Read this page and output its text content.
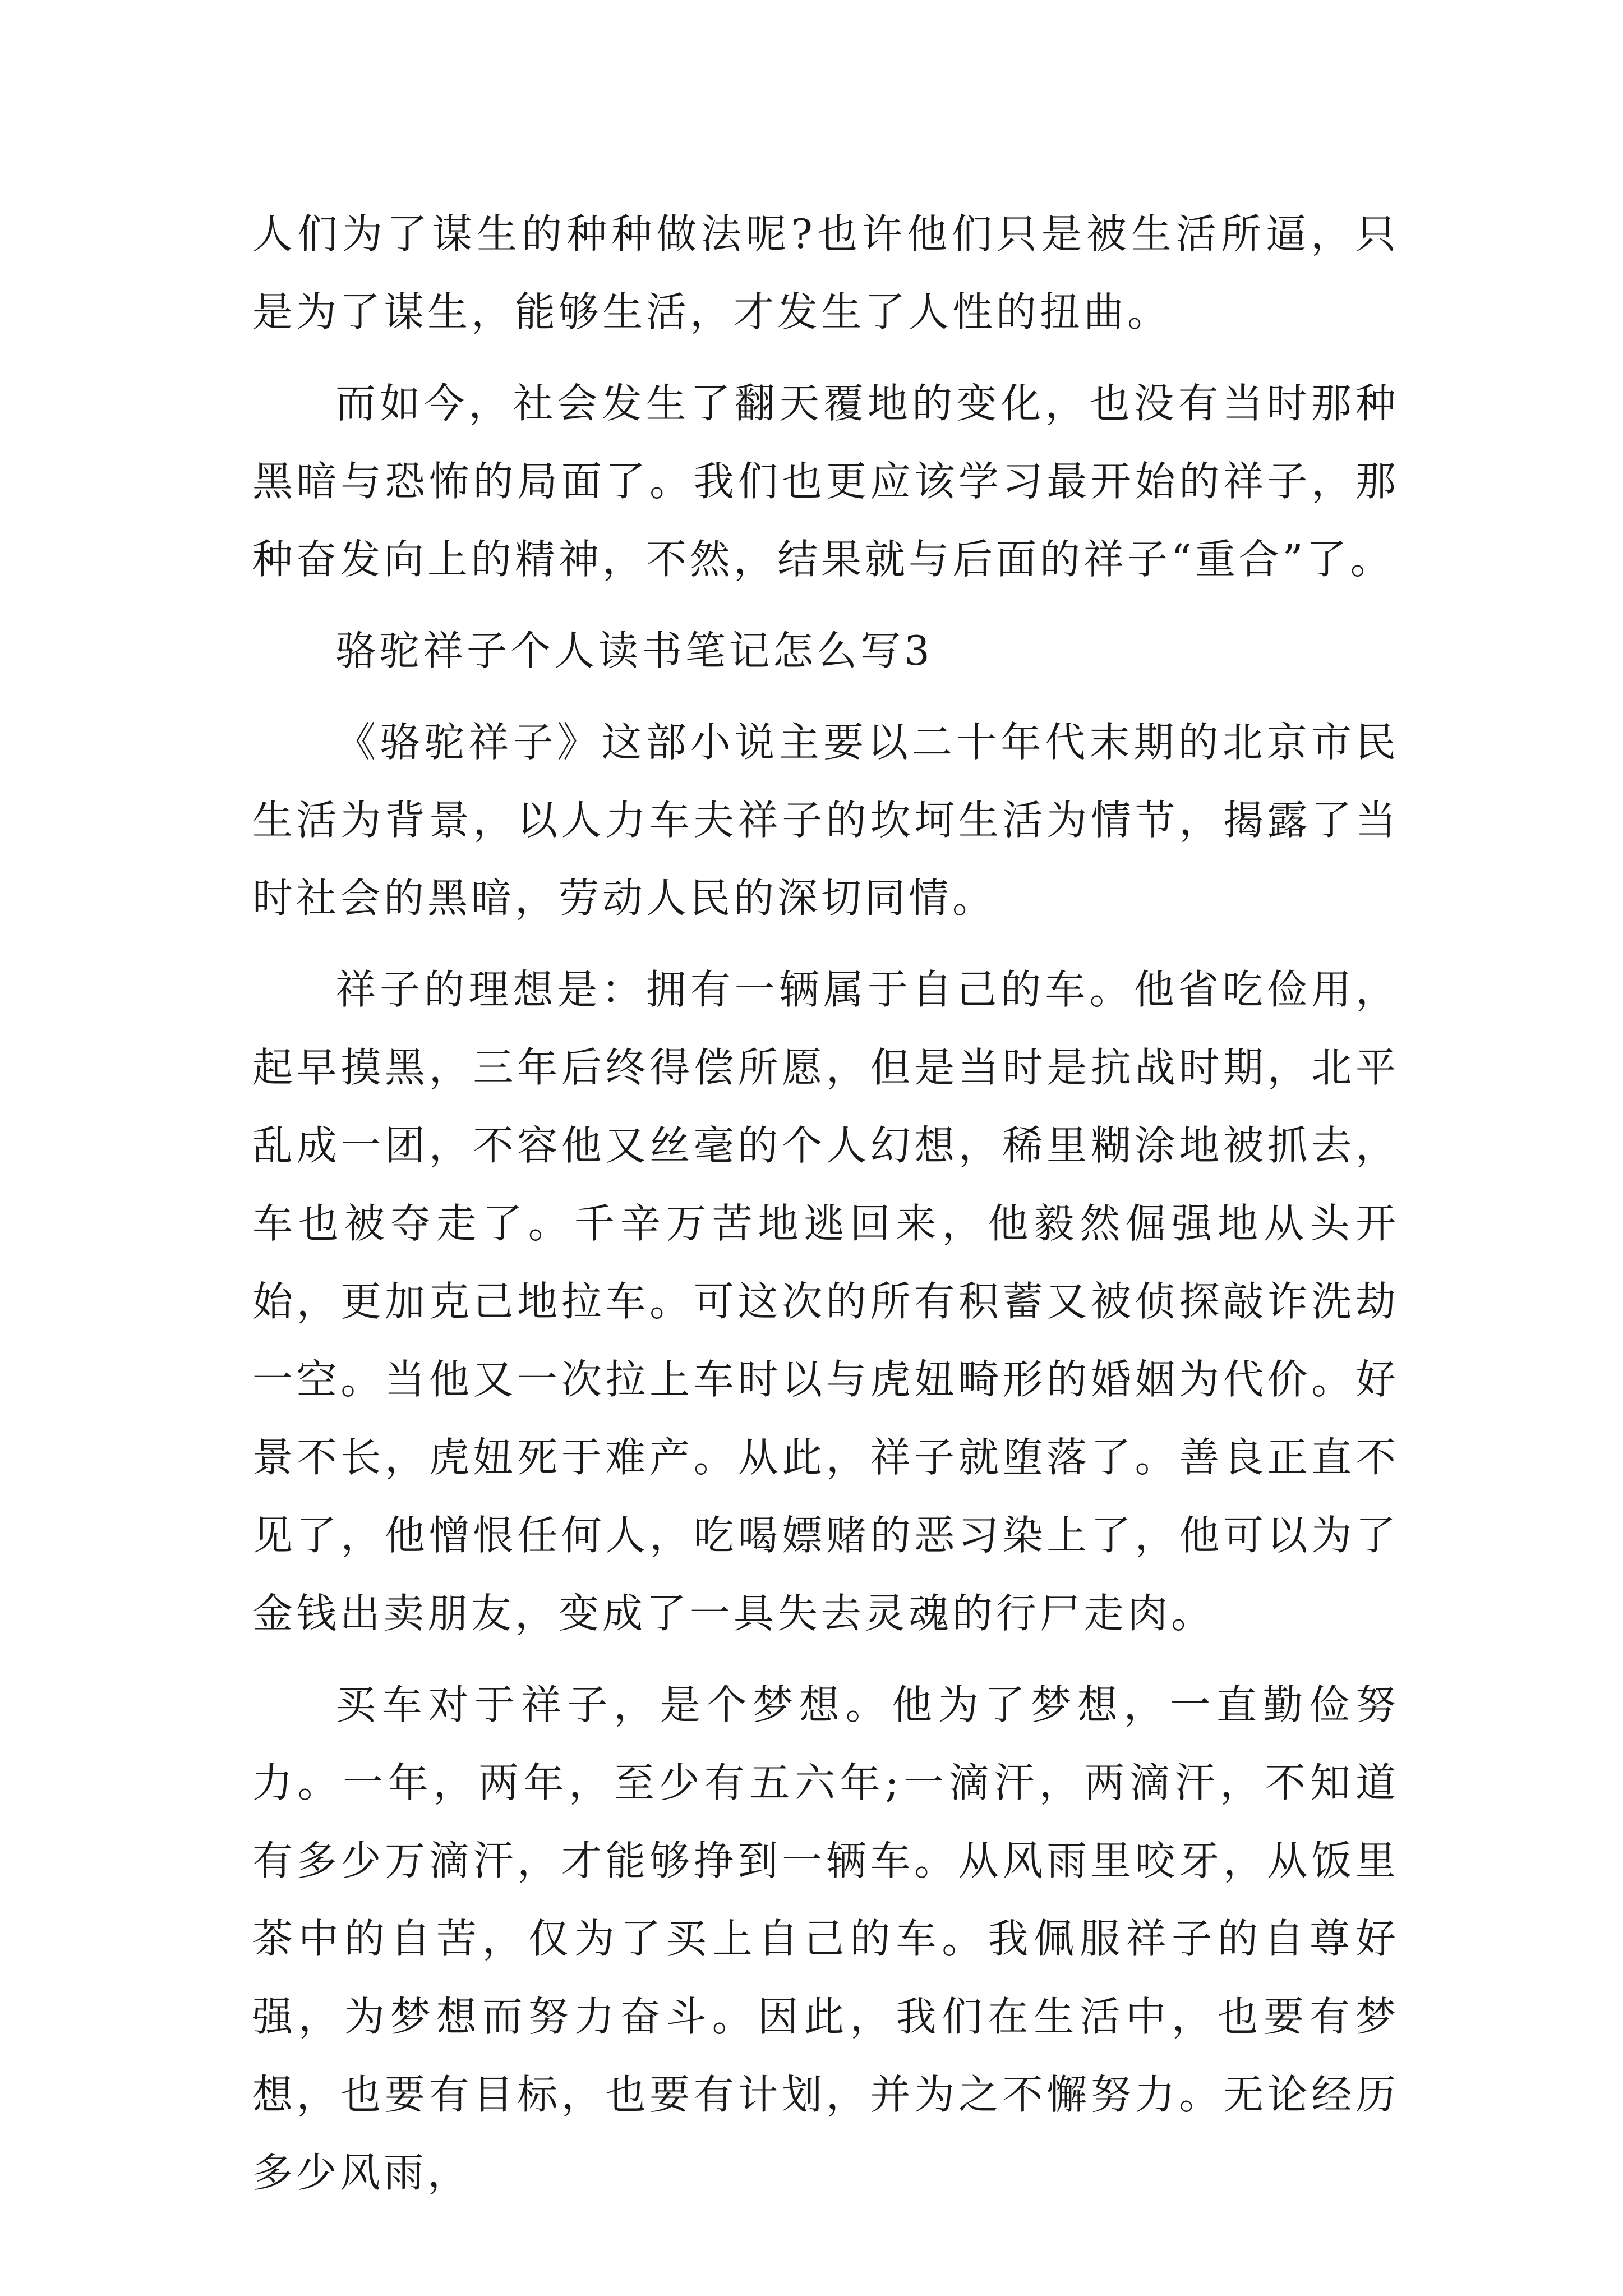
人们为了谋生的种种做法呢?也许他们只是被生活所逼，只是为了谋生，能够生活，才发生了人性的扭曲。

而如今，社会发生了翻天覆地的变化，也没有当时那种黑暗与恐怖的局面了。我们也更应该学习最开始的祥子，那种奋发向上的精神，不然，结果就与后面的祥子“重合”了。

骆驼祥子个人读书笔记怎么写3

《骆驼祥子》这部小说主要以二十年代末期的北京市民生活为背景，以人力车夫祥子的坎坷生活为情节，揭露了当时社会的黑暗，劳动人民的深切同情。

祥子的理想是：拥有一辆属于自己的车。他省吃俭用，起早摸黑，三年后终得偿所愿，但是当时是抗战时期，北平乱成一团，不容他又丝毫的个人幻想，稀里糊涂地被抓去，车也被夺走了。千辛万苦地逃回来，他毅然倔强地从头开始，更加克己地拉车。可这次的所有积蓄又被侦探敲诈洗劫一空。当他又一次拉上车时以与虎妞畸形的婚姻为代价。好景不长，虎妞死于难产。从此，祥子就堕落了。善良正直不见了，他憎恨任何人，吃喝嫖赌的恶习染上了，他可以为了金钱出卖朋友，变成了一具失去灵魂的行尸走肉。

买车对于祥子，是个梦想。他为了梦想，一直勤俭努力。一年，两年，至少有五六年;一滴汗，两滴汗，不知道有多少万滴汗，才能够挣到一辆车。从风雨里咬牙，从饭里茶中的自苦，仅为了买上自己的车。我佩服祥子的自尊好强，为梦想而努力奋斗。因此，我们在生活中，也要有梦想，也要有目标，也要有计划，并为之不懈努力。无论经历多少风雨，
